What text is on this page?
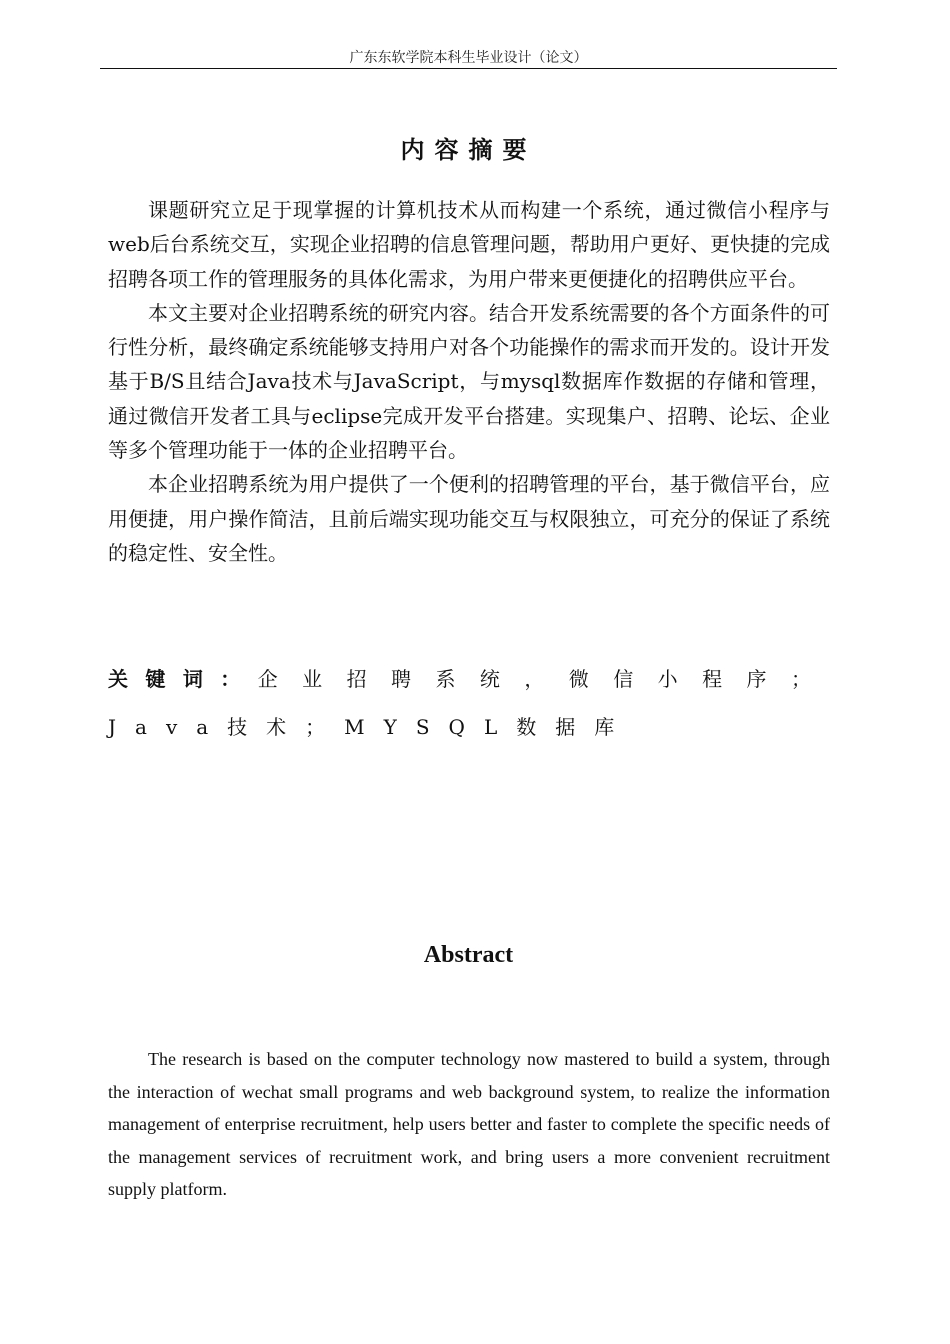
广东东软学院本科生毕业设计（论文）
内容摘要

课题研究立足于现掌握的计算机技术从而构建一个系统，通过微信小程序与web后台系统交互，实现企业招聘的信息管理问题，帮助用户更好、更快捷的完成招聘各项工作的管理服务的具体化需求，为用户带来更便捷化的招聘供应平台。

本文主要对企业招聘系统的研究内容。结合开发系统需要的各个方面条件的可行性分析，最终确定系统能够支持用户对各个功能操作的需求而开发的。设计开发基于B/S且结合Java技术与JavaScript，与mysql数据库作数据的存储和管理，通过微信开发者工具与eclipse完成开发平台搭建。实现集户、招聘、论坛、企业等多个管理功能于一体的企业招聘平台。

本企业招聘系统为用户提供了一个便利的招聘管理的平台，基于微信平台，应用便捷，用户操作简洁，且前后端实现功能交互与权限独立，可充分的保证了系统的稳定性、安全性。

关键词：企业招聘系统，微信小程序；Java技术；MYSQL数据库
Abstract

The research is based on the computer technology now mastered to build a system, through the interaction of wechat small programs and web background system, to realize the information management of enterprise recruitment, help users better and faster to complete the specific needs of the management services of recruitment work, and bring users a more convenient recruitment supply platform.
